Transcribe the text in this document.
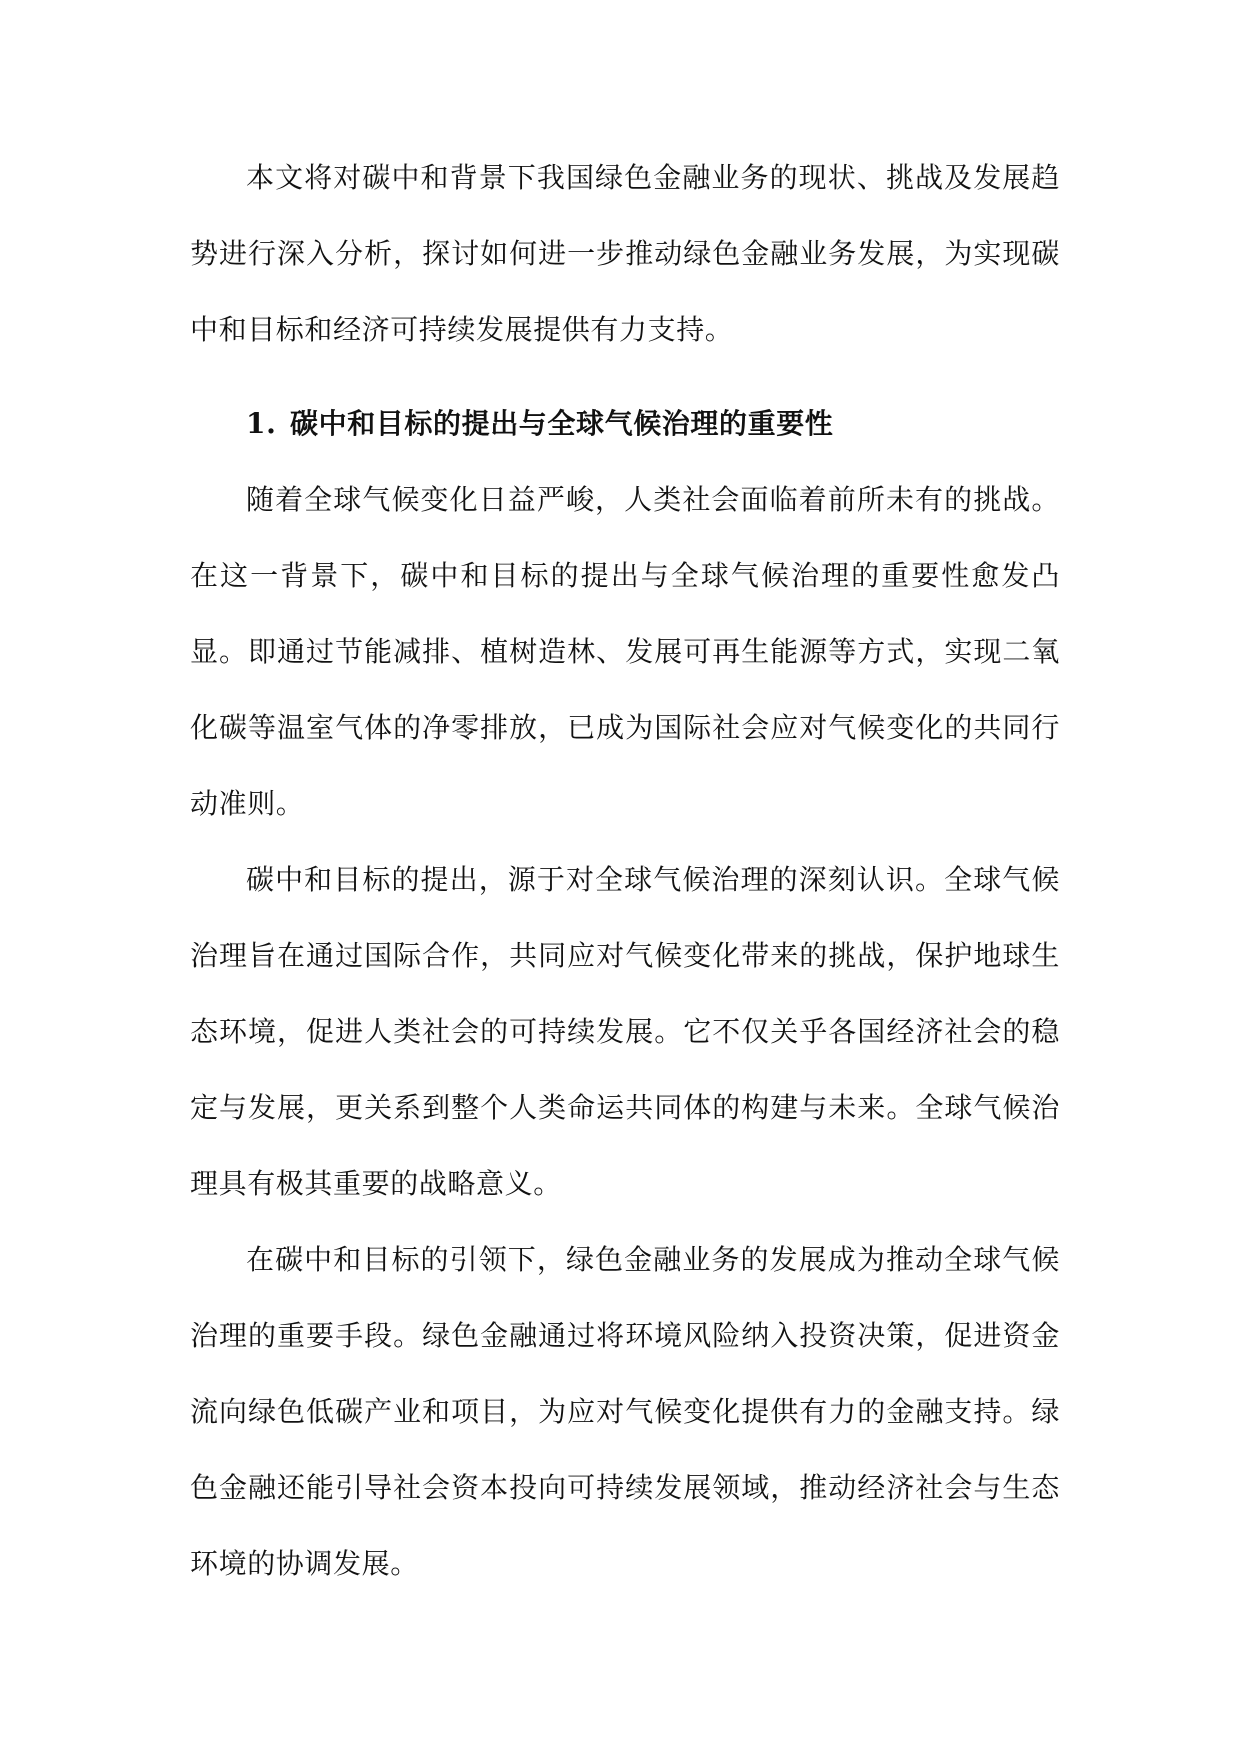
本文将对碳中和背景下我国绿色金融业务的现状、挑战及发展趋势进行深入分析，探讨如何进一步推动绿色金融业务发展，为实现碳中和目标和经济可持续发展提供有力支持。

1. 碳中和目标的提出与全球气候治理的重要性

随着全球气候变化日益严峻，人类社会面临着前所未有的挑战。在这一背景下，碳中和目标的提出与全球气候治理的重要性愈发凸显。即通过节能减排、植树造林、发展可再生能源等方式，实现二氧化碳等温室气体的净零排放，已成为国际社会应对气候变化的共同行动准则。

碳中和目标的提出，源于对全球气候治理的深刻认识。全球气候治理旨在通过国际合作，共同应对气候变化带来的挑战，保护地球生态环境，促进人类社会的可持续发展。它不仅关乎各国经济社会的稳定与发展，更关系到整个人类命运共同体的构建与未来。全球气候治理具有极其重要的战略意义。

在碳中和目标的引领下，绿色金融业务的发展成为推动全球气候治理的重要手段。绿色金融通过将环境风险纳入投资决策，促进资金流向绿色低碳产业和项目，为应对气候变化提供有力的金融支持。绿色金融还能引导社会资本投向可持续发展领域，推动经济社会与生态环境的协调发展。
